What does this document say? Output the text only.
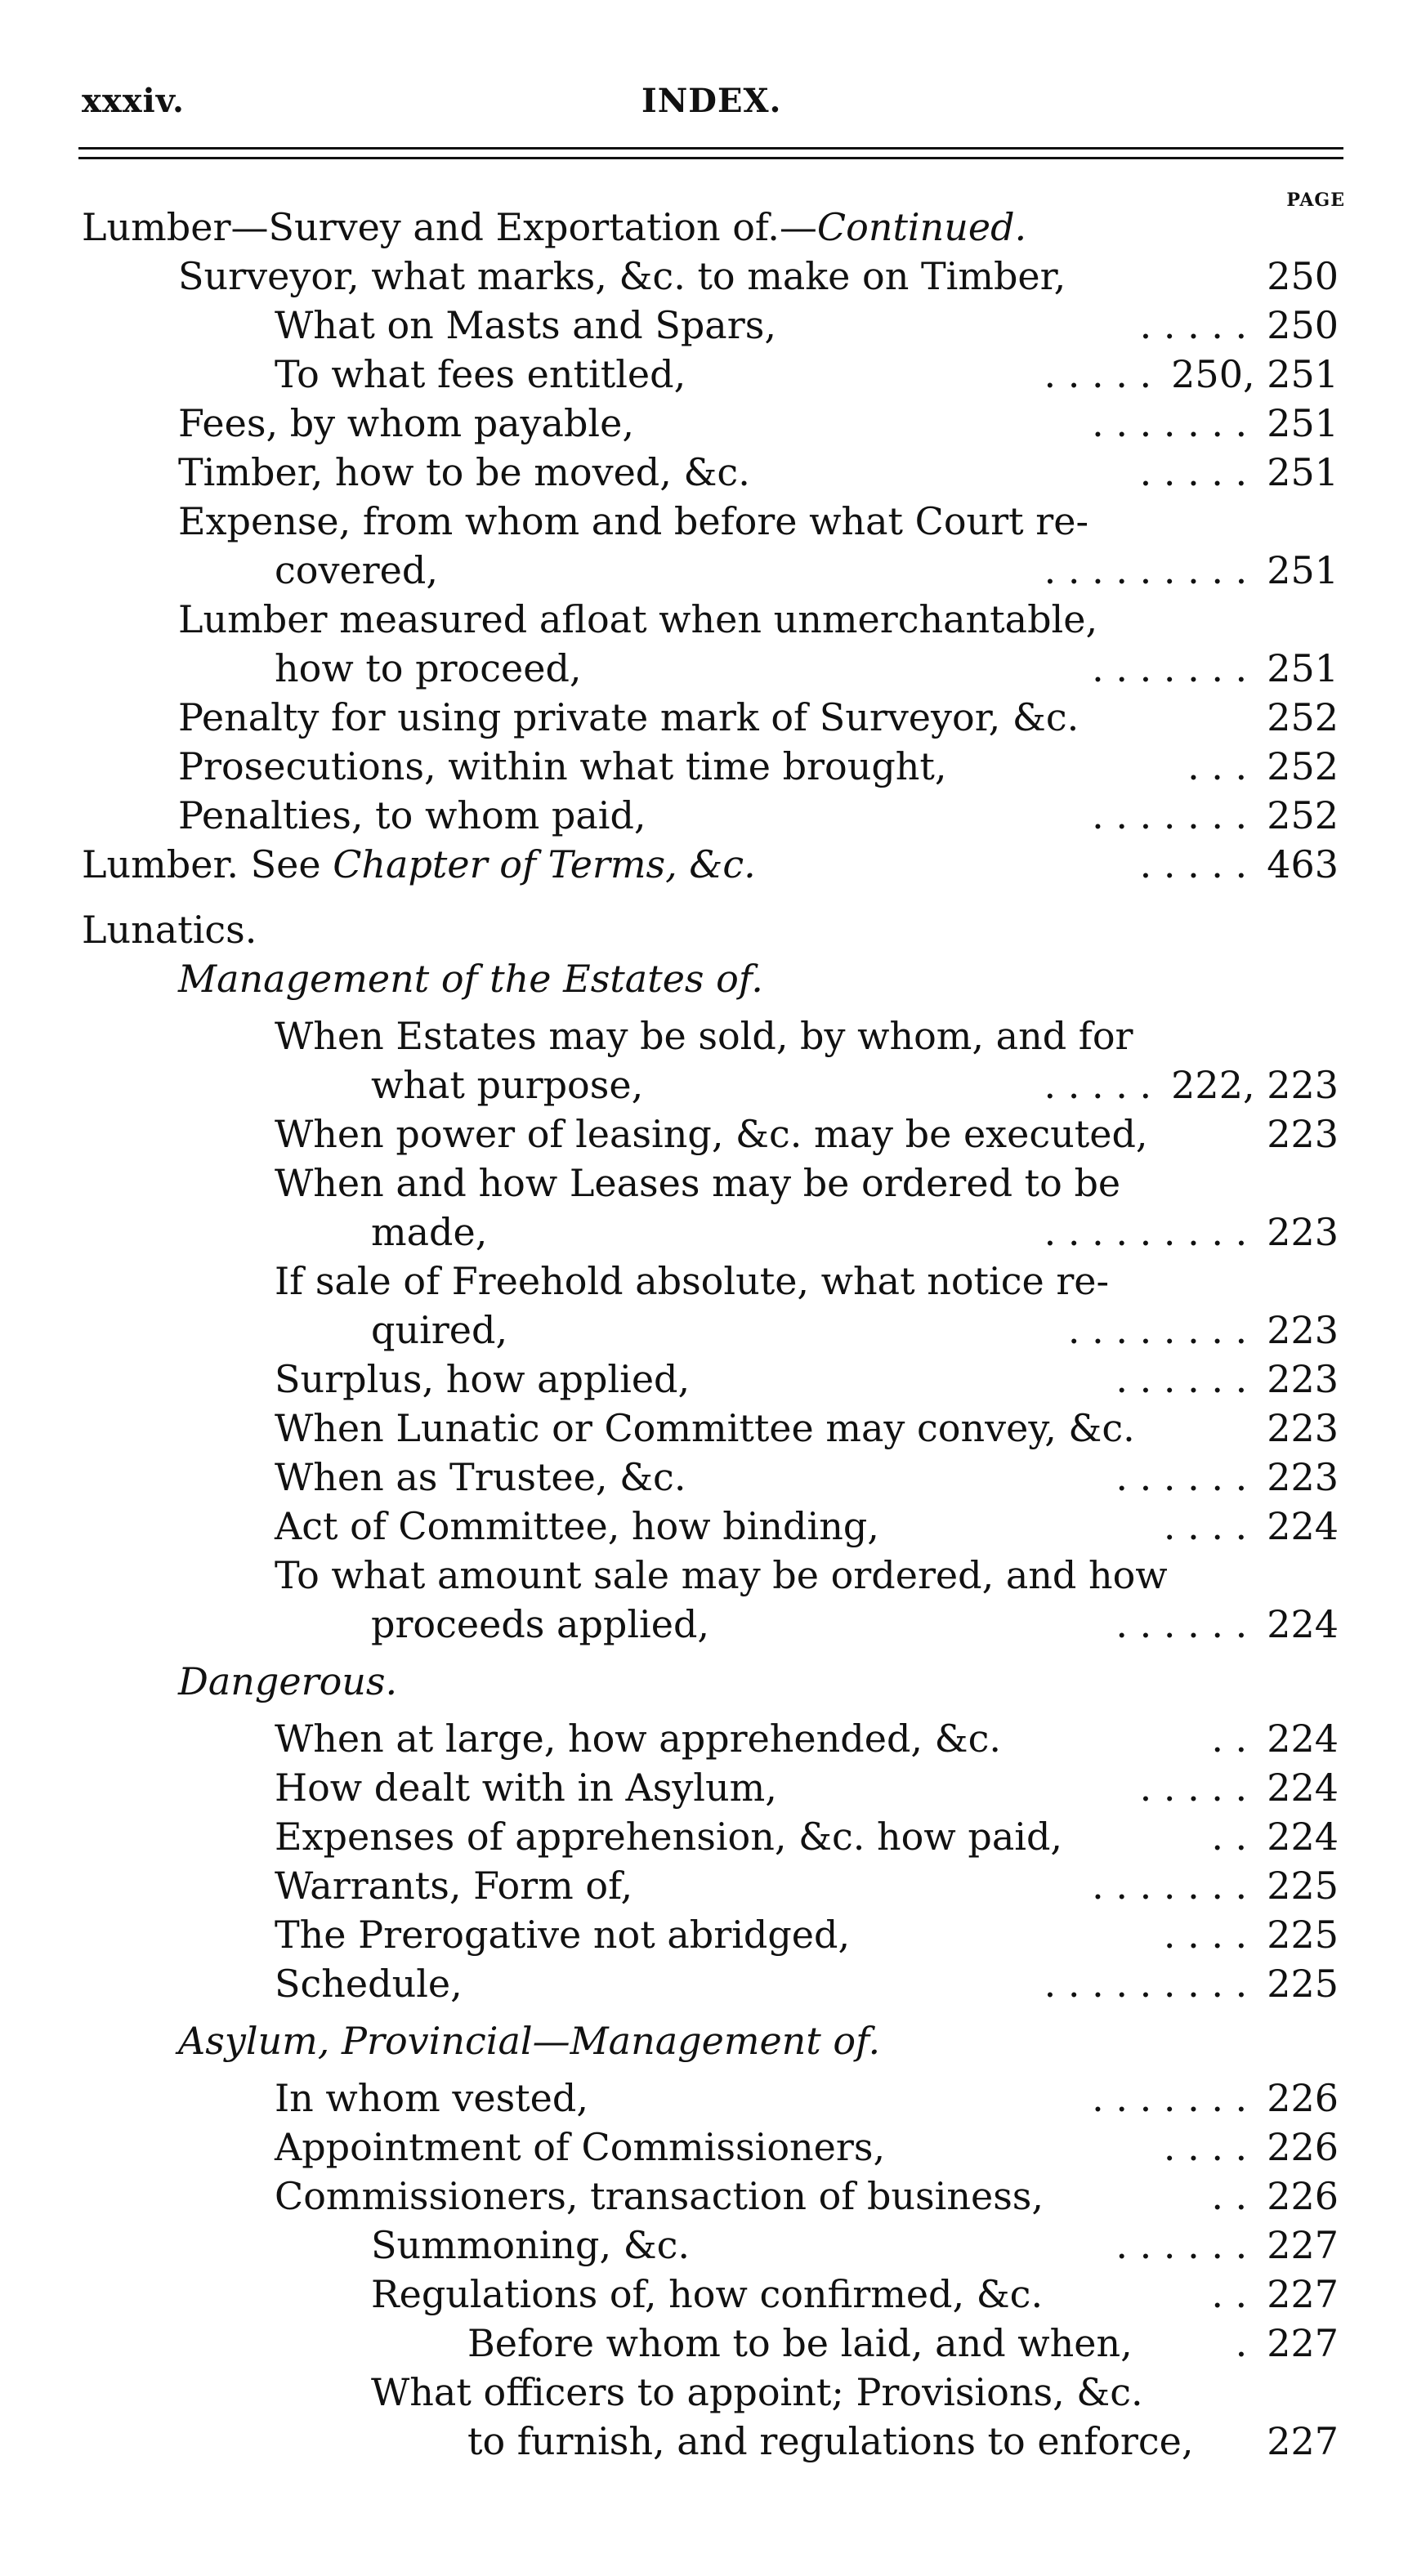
xxxiv.	INDEX.
PAGE
Lumber—Survey and Exportation of.—Continued.
Surveyor, what marks, &c. to make on Timber,	250
What on Masts and Spars,	250
. . . . .
To what fees entitled,	250, 251
. . . . .
Fees, by whom payable,	251
. . . . . . .
Timber, how to be moved, &c.	251
. . . . .
Expense, from whom and before what Court re-
covered,	251
. . . . . . . . .
Lumber measured afloat when unmerchantable,
how to proceed,	251
. . . . . . .
Penalty for using private mark of Surveyor, &c.	252
Prosecutions, within what time brought,	252
. . .
Penalties, to whom paid,	252
. . . . . . .
Lumber. See Chapter of Terms, &c.	463
. . . . .
Lunatics.
Management of the Estates of.
When Estates may be sold, by whom, and for
what purpose,	222, 223
. . . . .
When power of leasing, &c. may be executed,	223
When and how Leases may be ordered to be
made,	223
. . . . . . . . .
If sale of Freehold absolute, what notice re-
quired,	223
. . . . . . . .
Surplus, how applied,	223
. . . . . .
When Lunatic or Committee may convey, &c.	223
When as Trustee, &c.	223
. . . . . .
Act of Committee, how binding,	224
. . . .
To what amount sale may be ordered, and how
proceeds applied,	224
. . . . . .
Dangerous.
When at large, how apprehended, &c.	224
. .
How dealt with in Asylum,	224
. . . . .
Expenses of apprehension, &c. how paid,	224
. .
Warrants, Form of,	225
. . . . . . .
The Prerogative not abridged,	225
. . . .
Schedule,	225
. . . . . . . . .
Asylum, Provincial—Management of.
In whom vested,	226
. . . . . . .
Appointment of Commissioners,	226
. . . .
Commissioners, transaction of business,	226
. .
Summoning, &c.	227
. . . . . .
Regulations of, how confirmed, &c.	227
. .
Before whom to be laid, and when,	227
.
What officers to appoint; Provisions, &c.
to furnish, and regulations to enforce, 227
